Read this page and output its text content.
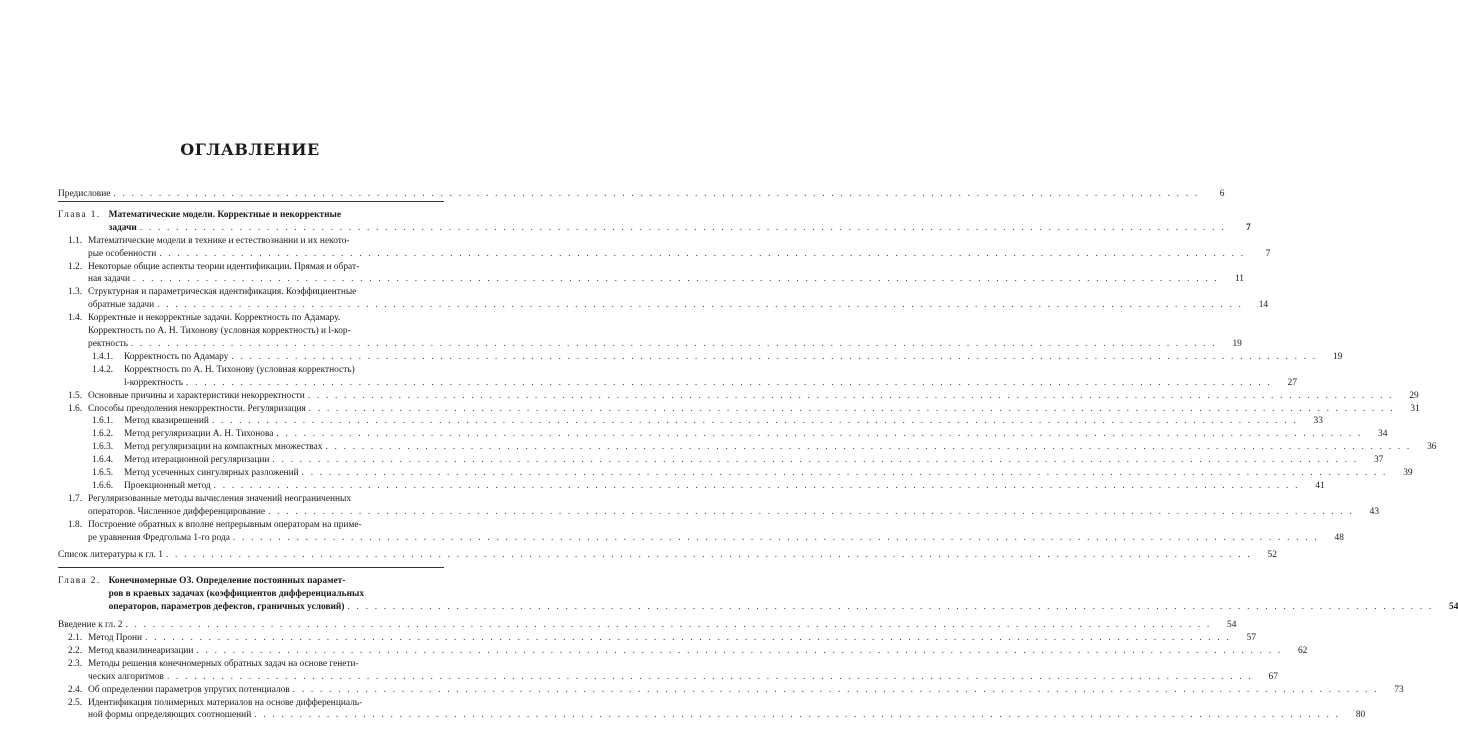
ОГЛАВЛЕНИЕ
Предисловие . . . . . . . . . . . . . . . . . . . . . . . . . . . . . . . . . . . . . . . . . . . . . . . . . . . . . . . . . . . . . . . . . . . . . . . . . . . . . . . . . . . . . . . . . . . . . . . . . . . . . . . . . . . . . . . . . . . . . . . .	6
Глава 1. Математические модели. Корректные и некорректные
задачи . . . . . . . . . . . . . . . . . . . . . . . . . . . . . . . . . . . . . . . . . . . . . . . . . . . . . . . . . . . . . . . . . . . . . . . . . . . . . . . . . . . . . . . . . . . . . . . . . . . . . . . . . . . . . . . . . . . . . . . .	7
1.1. Математические модели в технике и естествознании и их некото-
рые особенности . . . . . . . . . . . . . . . . . . . . . . . . . . . . . . . . . . . . . . . . . . . . . . . . . . . . . . . . . . . . . . . . . . . . . . . . . . . . . . . . . . . . . . . . . . . . . . . . . . . . . . . . . . . . . . . . . . . . . . . .	7
1.2. Некоторые общие аспекты теории идентификации. Прямая и обрат-
ная задачи . . . . . . . . . . . . . . . . . . . . . . . . . . . . . . . . . . . . . . . . . . . . . . . . . . . . . . . . . . . . . . . . . . . . . . . . . . . . . . . . . . . . . . . . . . . . . . . . . . . . . . . . . . . . . . . . . . . . . . . .	11
1.3. Структурная и параметрическая идентификация. Коэффициентные
обратные задачи . . . . . . . . . . . . . . . . . . . . . . . . . . . . . . . . . . . . . . . . . . . . . . . . . . . . . . . . . . . . . . . . . . . . . . . . . . . . . . . . . . . . . . . . . . . . . . . . . . . . . . . . . . . . . . . . . . . . . . . .	14
1.4. Корректные и некорректные задачи. Корректность по Адамару.
Корректность по А. Н. Тихонову (условная корректность) и l-кор-
ректность . . . . . . . . . . . . . . . . . . . . . . . . . . . . . . . . . . . . . . . . . . . . . . . . . . . . . . . . . . . . . . . . . . . . . . . . . . . . . . . . . . . . . . . . . . . . . . . . . . . . . . . . . . . . . . . . . . . . . . . .	19
1.4.1.	Корректность по Адамару . . . . . . . . . . . . . . . . . . . . . . . . . . . . . . . . . . . . . . . . . . . . . . . . . . . . . . . . . . . . . . . . . . . . . . . . . . . . . . . . . . . . . . . . . . . . . . . . . . . . . . . . . . . . . . . . . . . . . . . .	19
1.4.2.	Корректность по А. Н. Тихонову (условная корректность)
l-корректность . . . . . . . . . . . . . . . . . . . . . . . . . . . . . . . . . . . . . . . . . . . . . . . . . . . . . . . . . . . . . . . . . . . . . . . . . . . . . . . . . . . . . . . . . . . . . . . . . . . . . . . . . . . . . . . . . . . . . . . .	27
1.5. Основные причины и характеристики некорректности . . . . . . . . . . . . . . . . . . . . . . . . . . . . . . . . . . . . . . . . . . . . . . . . . . . . . . . . . . . . . . . . . . . . . . . . . . . . . . . . . . . . . . . . . . . . . . . . . . . . . . . . . . . . . . . . . . . . . . . .	29
1.6. Способы преодоления некорректности. Регуляризация . . . . . . . . . . . . . . . . . . . . . . . . . . . . . . . . . . . . . . . . . . . . . . . . . . . . . . . . . . . . . . . . . . . . . . . . . . . . . . . . . . . . . . . . . . . . . . . . . . . . . . . . . . . . . . . . . . . . . . . .	31
1.6.1.	Метод квазирешений . . . . . . . . . . . . . . . . . . . . . . . . . . . . . . . . . . . . . . . . . . . . . . . . . . . . . . . . . . . . . . . . . . . . . . . . . . . . . . . . . . . . . . . . . . . . . . . . . . . . . . . . . . . . . . . . . . . . . . . .	33
1.6.2.	Метод регуляризации А. Н. Тихонова . . . . . . . . . . . . . . . . . . . . . . . . . . . . . . . . . . . . . . . . . . . . . . . . . . . . . . . . . . . . . . . . . . . . . . . . . . . . . . . . . . . . . . . . . . . . . . . . . . . . . . . . . . . . . . . . . . . . . . . .	34
1.6.3.	Метод регуляризации на компактных множествах . . . . . . . . . . . . . . . . . . . . . . . . . . . . . . . . . . . . . . . . . . . . . . . . . . . . . . . . . . . . . . . . . . . . . . . . . . . . . . . . . . . . . . . . . . . . . . . . . . . . . . . . . . . . . . . . . . . . . . . .	36
1.6.4.	Метод итерационной регуляризации . . . . . . . . . . . . . . . . . . . . . . . . . . . . . . . . . . . . . . . . . . . . . . . . . . . . . . . . . . . . . . . . . . . . . . . . . . . . . . . . . . . . . . . . . . . . . . . . . . . . . . . . . . . . . . . . . . . . . . . .	37
1.6.5.	Метод усеченных сингулярных разложений . . . . . . . . . . . . . . . . . . . . . . . . . . . . . . . . . . . . . . . . . . . . . . . . . . . . . . . . . . . . . . . . . . . . . . . . . . . . . . . . . . . . . . . . . . . . . . . . . . . . . . . . . . . . . . . . . . . . . . . .	39
1.6.6.	Проекционный метод . . . . . . . . . . . . . . . . . . . . . . . . . . . . . . . . . . . . . . . . . . . . . . . . . . . . . . . . . . . . . . . . . . . . . . . . . . . . . . . . . . . . . . . . . . . . . . . . . . . . . . . . . . . . . . . . . . . . . . . .	41
1.7. Регуляризованные методы вычисления значений неограниченных
операторов. Численное дифференцирование . . . . . . . . . . . . . . . . . . . . . . . . . . . . . . . . . . . . . . . . . . . . . . . . . . . . . . . . . . . . . . . . . . . . . . . . . . . . . . . . . . . . . . . . . . . . . . . . . . . . . . . . . . . . . . . . . . . . . . . .	43
1.8. Построение обратных к вполне непрерывным операторам на приме-
ре уравнения Фредгольма 1-го рода . . . . . . . . . . . . . . . . . . . . . . . . . . . . . . . . . . . . . . . . . . . . . . . . . . . . . . . . . . . . . . . . . . . . . . . . . . . . . . . . . . . . . . . . . . . . . . . . . . . . . . . . . . . . . . . . . . . . . . . .	48
Список литературы к гл. 1 . . . . . . . . . . . . . . . . . . . . . . . . . . . . . . . . . . . . . . . . . . . . . . . . . . . . . . . . . . . . . . . . . . . . . . . . . . . . . . . . . . . . . . . . . . . . . . . . . . . . . . . . . . . . . . . . . . . . . . . .	52
Глава 2. Конечномерные ОЗ. Определение постоянных парамет-
ров в краевых задачах (коэффициентов дифференциальных
операторов, параметров дефектов, граничных условий) . . . . . . . . . . . . . . . . . . . . . . . . . . . . . . . . . . . . . . . . . . . . . . . . . . . . . . . . . . . . . . . . . . . . . . . . . . . . . . . . . . . . . . . . . . . . . . . . . . . . . . . . . . . . . . . . . . . . . . . .	54
Введение к гл. 2 . . . . . . . . . . . . . . . . . . . . . . . . . . . . . . . . . . . . . . . . . . . . . . . . . . . . . . . . . . . . . . . . . . . . . . . . . . . . . . . . . . . . . . . . . . . . . . . . . . . . . . . . . . . . . . . . . . . . . . . .	54
2.1. Метод Прони . . . . . . . . . . . . . . . . . . . . . . . . . . . . . . . . . . . . . . . . . . . . . . . . . . . . . . . . . . . . . . . . . . . . . . . . . . . . . . . . . . . . . . . . . . . . . . . . . . . . . . . . . . . . . . . . . . . . . . . .	57
2.2. Метод квазилинеаризации . . . . . . . . . . . . . . . . . . . . . . . . . . . . . . . . . . . . . . . . . . . . . . . . . . . . . . . . . . . . . . . . . . . . . . . . . . . . . . . . . . . . . . . . . . . . . . . . . . . . . . . . . . . . . . . . . . . . . . . .	62
2.3. Методы решения конечномерных обратных задач на основе генети-
ческих алгоритмов . . . . . . . . . . . . . . . . . . . . . . . . . . . . . . . . . . . . . . . . . . . . . . . . . . . . . . . . . . . . . . . . . . . . . . . . . . . . . . . . . . . . . . . . . . . . . . . . . . . . . . . . . . . . . . . . . . . . . . . .	67
2.4. Об определении параметров упругих потенциалов . . . . . . . . . . . . . . . . . . . . . . . . . . . . . . . . . . . . . . . . . . . . . . . . . . . . . . . . . . . . . . . . . . . . . . . . . . . . . . . . . . . . . . . . . . . . . . . . . . . . . . . . . . . . . . . . . . . . . . . .	73
2.5. Идентификация полимерных материалов на основе дифференциаль-
ной формы определяющих соотношений . . . . . . . . . . . . . . . . . . . . . . . . . . . . . . . . . . . . . . . . . . . . . . . . . . . . . . . . . . . . . . . . . . . . . . . . . . . . . . . . . . . . . . . . . . . . . . . . . . . . . . . . . . . . . . . . . . . . . . . .	80
